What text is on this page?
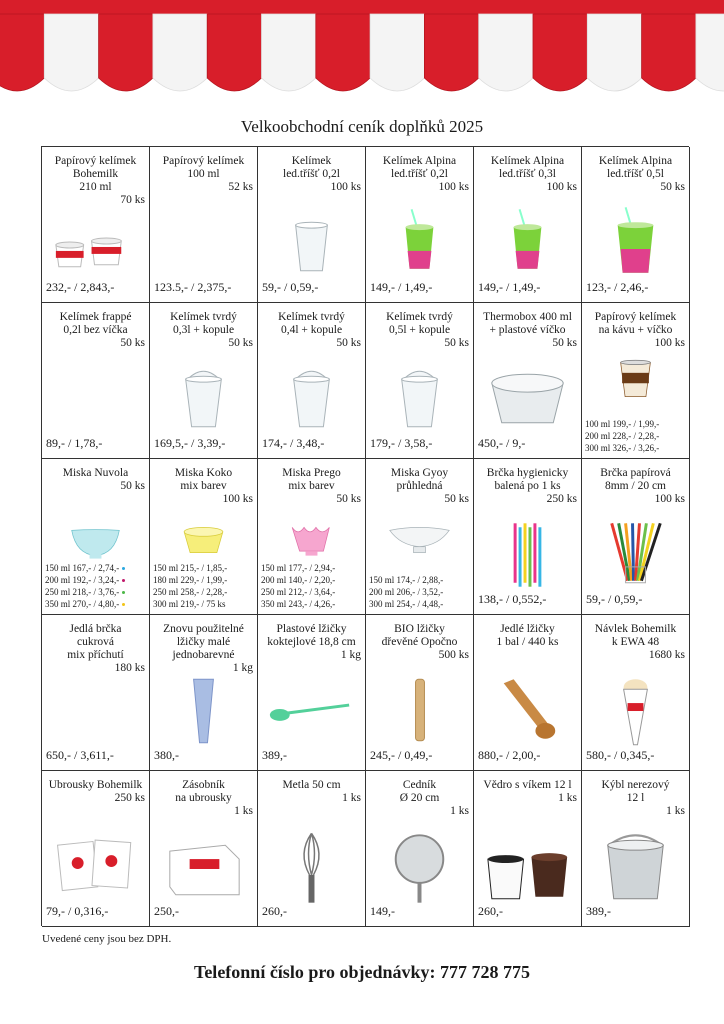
Velkoobchodní ceník doplňků 2025
Papírový kelímek
Bohemilk
210 ml
70 ks
232,- / 2,843,-
Papírový kelímek
100 ml
52 ks
123.5,- / 2,375,-
Kelímek
led.tříšť 0,2l
100 ks
59,- / 0,59,-
Kelímek Alpina
led.tříšť 0,2l
100 ks
149,- / 1,49,-
Kelímek Alpina
led.tříšť 0,3l
100 ks
149,- / 1,49,-
Kelímek Alpina
led.tříšť 0,5l
50 ks
123,- / 2,46,-
Kelímek frappé
0,2l bez víčka
50 ks
89,- / 1,78,-
Kelímek tvrdý
0,3l + kopule
50 ks
169,5,- / 3,39,-
Kelímek tvrdý
0,4l + kopule
50 ks
174,- / 3,48,-
Kelímek tvrdý
0,5l + kopule
50 ks
179,- / 3,58,-
Thermobox 400 ml
+ plastové víčko
50 ks
450,- / 9,-
Papírový kelímek
na kávu + víčko
100 ks
100 ml 199,- / 1,99,-
200 ml 228,- / 2,28,-
300 ml 326,- / 3,26,-
Miska Nuvola
50 ks
150 ml 167,- / 2,74,-
200 ml 192,- / 3,24,-
250 ml 218,- / 3,76,-
350 ml 270,- / 4,80,-
Miska Koko
mix barev
100 ks
150 ml 215,- / 1,85,-
180 ml 229,- / 1,99,-
250 ml 258,- / 2,28,-
300 ml 219,- / 75 ks
Miska Prego
mix barev
50 ks
150 ml 177,- / 2,94,-
200 ml 140,- / 2,20,-
250 ml 212,- / 3,64,-
350 ml 243,- / 4,26,-
Miska Gyoy
průhledná
50 ks
150 ml 174,- / 2,88,-
200 ml 206,- / 3,52,-
300 ml 254,- / 4,48,-
Brčka hygienicky
balená po 1 ks
250 ks
138,- / 0,552,-
Brčka papírová
8mm / 20 cm
100 ks
59,- / 0,59,-
Jedlá brčka
cukrová
mix příchutí
180 ks
650,- / 3,611,-
Znovu použitelné
lžičky malé
jednobarevné
1 kg
380,-
Plastové lžičky
koktejlové 18,8 cm
1 kg
389,-
BIO lžičky
dřevěné Opočno
500 ks
245,- / 0,49,-
Jedlé lžičky
1 bal / 440 ks
880,- / 2,00,-
Návlek Bohemilk
k EWA 48
1680 ks
580,- / 0,345,-
Ubrousky Bohemilk
250 ks
79,- / 0,316,-
Zásobník
na ubrousky
1 ks
250,-
Metla 50 cm
1 ks
260,-
Cedník
Ø 20 cm
1 ks
149,-
Vědro s víkem 12 l
1 ks
260,-
Kýbl nerezový
12 l
1 ks
389,-
Uvedené ceny jsou bez DPH.
Telefonní číslo pro objednávky: 777 728 775
